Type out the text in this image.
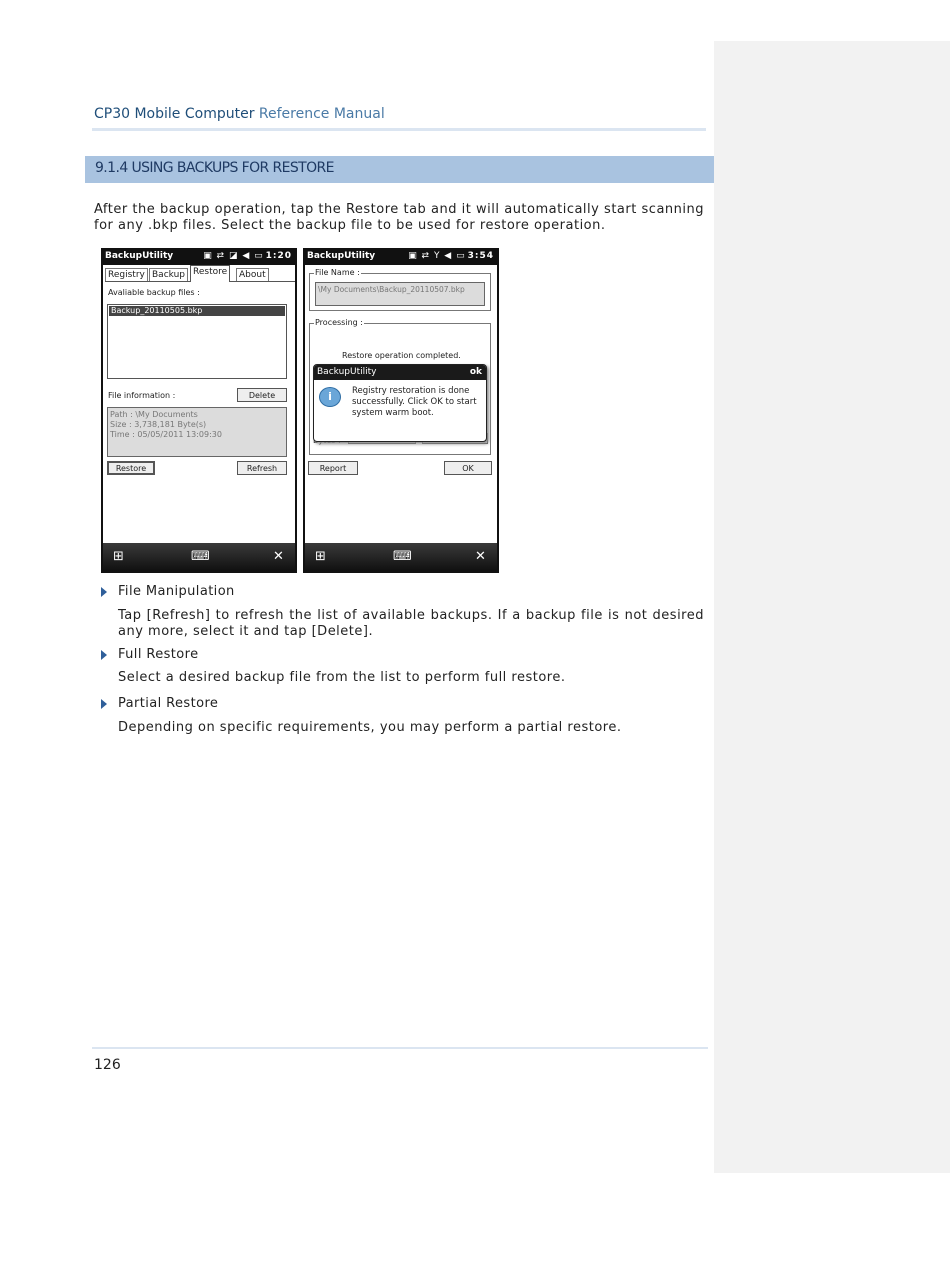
CP30 Mobile Computer Reference Manual
9.1.4 USING BACKUPS FOR RESTORE
After the backup operation, tap the Restore tab and it will automatically start scanning
for any .bkp files. Select the backup file to be used for restore operation.
BackupUtility	▣ ⇄ ◪ ◀ ▭ 1:20
Registry Backup Restore	About
Avaliable backup files :
Backup_20110505.bkp
File information :	Delete
Path : \My Documents
Size : 3,738,181 Byte(s)
Time : 05/05/2011 13:09:30
Restore	Refresh
⊞	⌨	✕
BackupUtility	▣ ⇄ Y ◀ ▭ 3:54
File Name :
\My Documents\Backup_20110507.bkp
Processing :
Restore operation completed.
BackupUtility	ok
i	Registry restoration is done successfully. Click OK to start system warm boot.
Report	OK
⊞	⌨	✕
File Manipulation
Tap [Refresh] to refresh the list of available backups. If a backup file is not desired
any more, select it and tap [Delete].
Full Restore
Select a desired backup file from the list to perform full restore.
Partial Restore
Depending on specific requirements, you may perform a partial restore.
126
